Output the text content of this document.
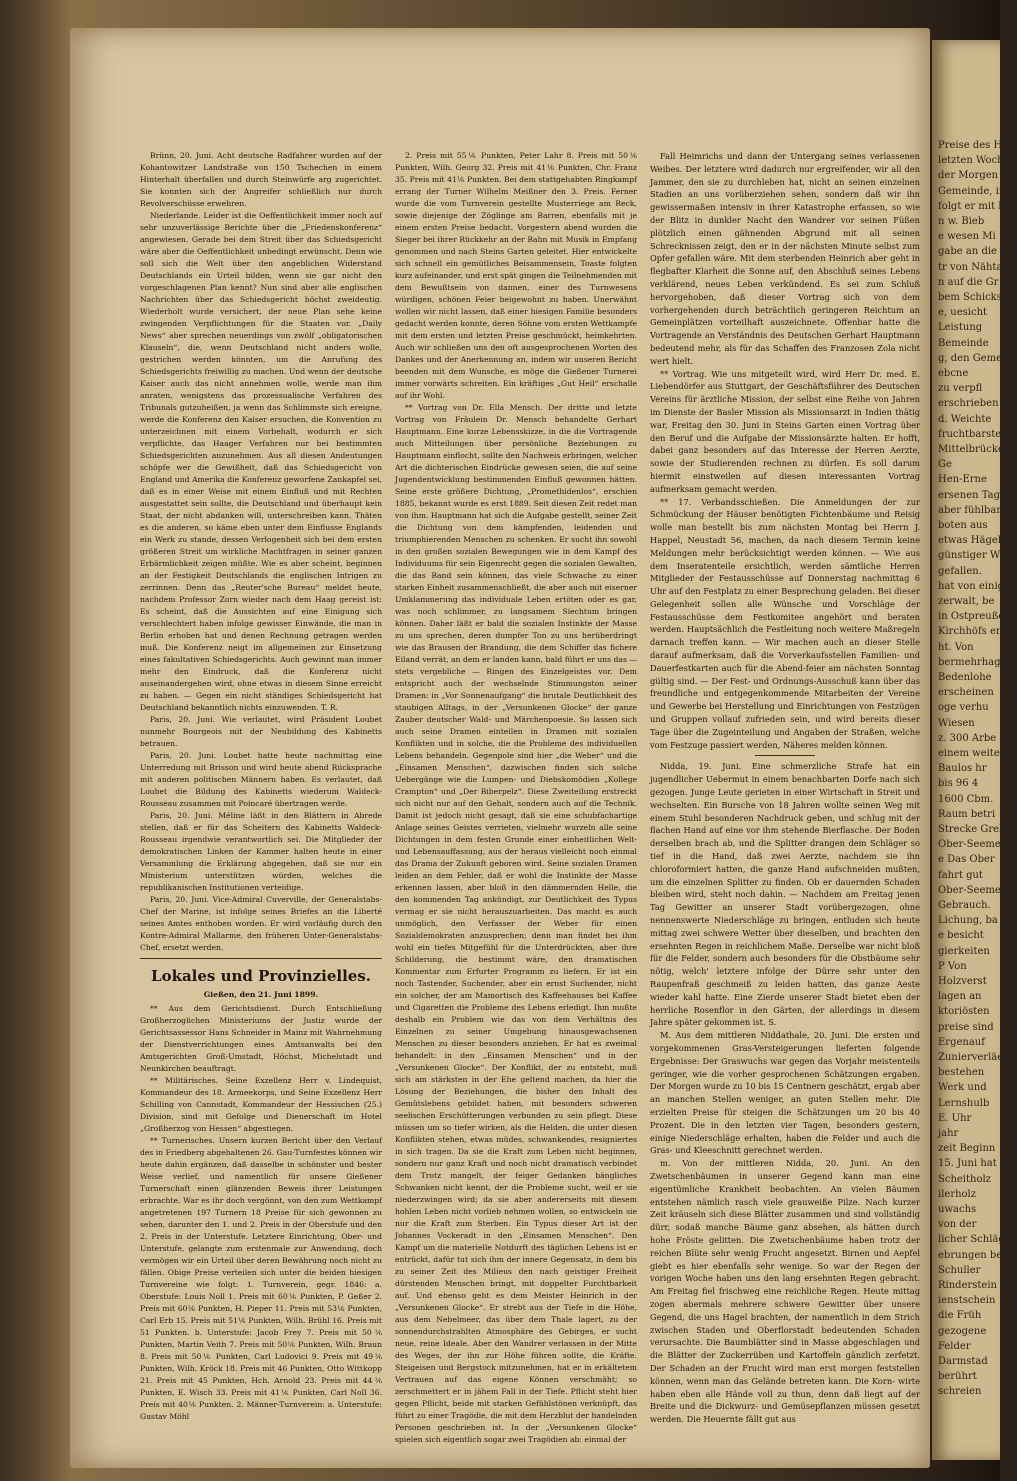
Preise des Heu
letzten Woche
der Morgen 4
Gemeinde, in
folgt er mit h
n w. Bieb
e wesen Mi
gabe an die
tr von Nähtat
n auf die Gr
bem Schicksal
e, uesicht
Leistung
Bemeinde
g, den Gemeins
ebcne
zu verpfl
erschrieben
d. Weichte
fruchtbarste
Mittelbrücke
Ge
Hen-Erne
ersenen Tag
aber fühlbare
boten aus
etwas Hägeb
günstiger We
gefallen.
hat von einiger
zerwalt, be
in Ostpreuße
Kirchhöfs ent
ht. Von
bermehrhagli
Bedenlohe
erscheinen
oge verhu
Wiesen
z. 300 Arbe
einem weiter
Baulos hr
bis 96 4
1600 Cbm.
Raum betri
Strecke Grel
Ober-Seemen
e Das Ober
fahrt gut
Ober-Seemen
Gebrauch.
Lichung, ba
e besicht
gierkeiten
P Von
Holzverst
lagen an
ktoriösten
preise sind
Ergenauf
Zunierverläe
bestehen
Werk und
Lernshulb
E. Uhr
jahr
zeit Beginn
15. Juni hat
Scheitholz
ilerholz
uwachs
von der
licher Schlägen
ebrungen be
Schuller
Rinderstein
ienstschein
die Früh
gezogene
Felder
Darmstad
berührt
schreien

Brünn, 20. Juni. Acht deutsche Radfahrer wurden auf der Kohantowitzer Landstraße von 150 Tschechen in einem Hinterhalt überfallen und durch Steinwürfe arg zugerichtet. Sie konnten sich der Angreifer schließlich nur durch Revolverschüsse erwehren.

Niederlande. Leider ist die Oeffentlichkeit immer noch auf sehr unzuverlässige Berichte über die „Friedenskonferenz“ angewiesen. Gerade bei dem Streit über das Schiedsgericht wäre aber die Oeffentlichkeit unbedingt erwünscht. Denn wie soll sich die Welt über den angeblichen Widerstand Deutschlands ein Urteil bilden, wenn sie gar nicht den vorgeschlagenen Plan kennt? Nun sind aber alle englischen Nachrichten über das Schiedsgericht höchst zweideutig. Wiederholt wurde versichert, der neue Plan sehe keine zwingenden Verpflichtungen für die Staaten vor. „Daily News“ aber sprechen neuerdings von zwölf „obligatorischen Klauseln“, die, wenn Deutschland nicht anders wolle, gestrichen werden könnten, um die Anrufung des Schiedsgerichts freiwillig zu machen. Und wenn der deutsche Kaiser auch das nicht annehmen wolle, werde man ihm anraten, wenigstens das prozessualische Verfahren des Tribunals gutzuheißen, ja wenn das Schlimmste sich ereigne, werde die Konferenz den Kaiser ersuchen, die Konvention zu unterzeichnen mit einem Vorbehalt, wodurch er sich verpflichte, das Haager Verfahren nur bei bestimmten Schiedsgerichten anzunehmen. Aus all diesen Andeutungen schöpfe wer die Gewißheit, daß das Schiedsgericht von England und Amerika die Konferenz geworfene Zankapfel sei, daß es in einer Weise mit einem Einfluß und mit Rechten ausgestattet sein sollte, die Deutschland und überhaupt kein Staat, der nicht abdanken will, unterschreiben kann. Thäten es die anderen, so käme eben unter dem Einflusse Englands ein Werk zu stande, dessen Verlogenheit sich bei dem ersten größeren Streit um wirkliche Machtfragen in seiner ganzen Erbärmlichkeit zeigen müßte. Wie es aber scheint, beginnen an der Festigkeit Deutschlands die englischen Intrigen zu zerrinnen. Denn das „Reuter'sche Bureau“ meldet heute, nachdem Professor Zorn wieder nach dem Haag gereist ist: Es scheint, daß die Aussichten auf eine Einigung sich verschlechtert haben infolge gewisser Einwände, die man in Berlin erhoben hat und denen Rechnung getragen werden muß. Die Konferenz neigt im allgemeinen zur Einsetzung eines fakultativen Schiedsgerichts. Auch gewinnt man immer mehr den Eindruck, daß die Konferenz nicht auseinandergehen wird, ohne etwas in diesem Sinne erreicht zu haben. — Gegen ein nicht ständiges Schiedsgericht hat Deutschland bekanntlich nichts einzuwenden. T. R.

Paris, 20. Juni. Wie verlautet, wird Präsident Loubet nunmehr Bourgeois mit der Neubildung des Kabinetts betrauen.

Paris, 20. Juni. Loubet hatte heute nachmittag eine Unterredung mit Brisson und wird heute abend Rücksprache mit anderen politischen Männern haben. Es verlautet, daß Loubet die Bildung des Kabinetts wiederum Waldeck-Rousseau zusammen mit Poincaré übertragen werde.

Paris, 20. Juni. Méline läßt in den Blättern in Abrede stellen, daß er für das Scheitern des Kabinetts Waldeck-Rousseau irgendwie verantwortlich sei. Die Mitglieder der demokratischen Linken der Kammer halten heute in einer Versammlung die Erklärung abgegeben, daß sie nur ein Ministerium unterstützen würden, welches die republikanischen Institutionen verteidige.

Paris, 20. Juni. Vice-Admiral Cuverville, der Generalstabs-Chef der Marine, ist infolge seines Briefes an die Liberté seines Amtes enthoben worden. Er wird vorläufig durch den Kontre-Admiral Mallarme, den früheren Unter-Generalstabs-Chef, ersetzt werden.

Lokales und Provinzielles.

Gießen, den 21. Juni 1899.

** Aus dem Gerichtsdienst. Durch Entschließung Großherzoglichen Ministeriums der Justiz wurde der Gerichtsassessor Hans Schneider in Mainz mit Wahrnehmung der Dienstverrichtungen eines Amtsanwalts bei den Amtsgerichten Groß-Umstadt, Höchst, Michelstadt und Neunkirchen beauftragt.

** Militärisches. Seine Exzellenz Herr v. Lindequist, Kommandeur des 18. Armeekorps, und Seine Exzellenz Herr Schilling von Cannstadt, Kommandeur der Hessischen (25.) Division, sind mit Gefolge und Dienerschaft im Hotel „Großherzog von Hessen“ abgestiegen.

** Turnerisches. Unsern kurzen Bericht über den Verlauf des in Friedberg abgehaltenen 26. Gau-Turnfestes können wir heute dahin ergänzen, daß dasselbe in schönster und bester Weise verlief, und namentlich für unsere Gießener Turnerschaft einen glänzenden Beweis ihrer Leistungen erbrachte. War es ihr doch vergönnt, von den zum Wettkampf angetretenen 197 Turnern 18 Preise für sich gewonnen zu sehen, darunter den 1. und 2. Preis in der Oberstufe und den 2. Preis in der Unterstufe. Letztere Einrichtung, Ober- und Unterstufe, gelangte zum erstenmale zur Anwendung, doch vermögen wir ein Urteil über deren Bewährung noch nicht zu fällen. Obige Preise verteilen sich unter die beiden hiesigen Turnvereine wie folgt: 1. Turnverein, gegr. 1846: a. Oberstufe: Louis Noll 1. Preis mit 60⅙ Punkten, P. Geßer 2. Preis mit 60⅙ Punkten, H. Pieper 11. Preis mit 53⅙ Punkten, Carl Erb 15. Preis mit 51⅙ Punkten, Wilh. Brühl 16. Preis mit 51 Punkten. b. Unterstufe: Jacob Frey 7. Preis mit 50⅙ Punkten, Martin Veith 7. Preis mit 50⅙ Punkten, Wilh. Braun 8. Preis mit 50⅙ Punkten, Carl Ludovici 9. Preis mit 49⅙ Punkten, Wilh. Kröck 18. Preis mit 46 Punkten, Otto Wittkopp 21. Preis mit 45 Punkten, Hch. Arnold 23. Preis mit 44⅙ Punkten, E. Wisch 33. Preis mit 41⅙ Punkten, Carl Noll 36. Preis mit 40⅙ Punkten. 2. Männer-Turnverein: a. Unterstufe: Gustav Möhl

2. Preis mit 55⅙ Punkten, Peter Lahr 8. Preis mit 50⅙ Punkten, Wilh. Georg 32. Preis mit 41⅙ Punkten, Chr. Franz 35. Preis mit 41⅙ Punkten. Bei dem stattgehabten Ringkampf errang der Turner Wilhelm Meißner den 3. Preis. Ferner wurde die vom Turnverein gestellte Musterriege am Reck, sowie diejenige der Zöglinge am Barren, ebenfalls mit je einem ersten Preise bedacht. Vorgestern abend wurden die Sieger bei ihrer Rückkehr an der Bahn mit Musik in Empfang genommen und nach Steins Garten geleitet. Hier entwickelte sich schnell ein gemütliches Beisammensein, Toaste folgten kurz aufeinander, und erst spät gingen die Teilnehmenden mit dem Bewußtsein von dannen, einer des Turnwesens würdigen, schönen Feier beigewohnt zu haben. Unerwähnt wollen wir nicht lassen, daß einer hiesigen Familie besonders gedacht werden konnte, deren Söhne vom ersten Wettkampfe mit dem ersten und letzten Preise geschmückt, heimkehrten. Auch wir schließen uns den oft ausgesprochenen Worten des Dankes und der Anerkennung an, indem wir unseren Bericht beenden mit dem Wunsche, es möge die Gießener Turnerei immer vorwärts schreiten. Ein kräftiges „Gut Heil“ erschalle auf ihr Wohl.

** Vortrag von Dr. Ella Mensch. Der dritte und letzte Vortrag von Fräulein Dr. Mensch behandelte Gerhart Hauptmann. Eine kurze Lebensskizze, in die die Vortragende auch Mitteilungen über persönliche Beziehungen zu Hauptmann einflocht, sollte den Nachweis erbringen, welcher Art die dichterischen Eindrücke gewesen seien, die auf seine Jugendentwicklung bestimmenden Einfluß gewonnen hätten. Seine erste größere Dichtung, „Promethidenlos“, erschien 1885, bekannt wurde es erst 1889. Seit diesen Zeit redet man von ihm. Hauptmann hat sich die Aufgabe gestellt, seiner Zeit die Dichtung von dem kämpfenden, leidenden und triumphierenden Menschen zu schenken. Er sucht ihn sowohl in den großen sozialen Bewegungen wie in dem Kampf des Individuums für sein Eigenrecht gegen die sozialen Gewalten, die das Band sein können, das viele Schwache zu einer starken Einheit zusammenschließt, die aber auch mit eiserner Umklammerung das individuale Leben ertöten oder es gar, was noch schlimmer, zu langsamem Siechtum bringen können. Daher läßt er bald die sozialen Instinkte der Masse zu uns sprechen, deren dumpfer Ton zu uns herüberdringt wie das Brausen der Brandung, die dem Schiffer das fichere Eiland verrät, an dem er landen kann, bald führt er uns das — stets vergebliche — Ringen des Einzelgeistes vor. Dem entspricht auch der wechselnde Stimmungston seiner Dramen: in „Vor Sonnenaufgang“ die brutale Deutlichkeit des staubigen Alltags, in der „Versunkenen Glocke“ der ganze Zauber deutscher Wald- und Märchenpoesie. So lassen sich auch seine Dramen einteilen in Dramen mit sozialen Konflikten und in solche, die die Probleme des individuellen Lebens behandeln. Gegenpole sind hier „die Weber“ und die „Einsamen Menschen“, dazwischen finden sich solche Uebergänge wie die Lumpen- und Diebskomödien „Kollege Crampton“ und „Der Biberpelz“. Diese Zweiteilung erstreckt sich nicht nur auf den Gehalt, sondern auch auf die Technik. Damit ist jedoch nicht gesagt, daß sie eine schubfachartige Anlage seines Geistes verrieten, vielmehr wurzeln alle seine Dichtungen in dem festen Grunde einer einheitlichen Welt- und Lebensauffassung, aus der heraus vielleicht noch einmal das Drama der Zukunft geboren wird. Seine sozialen Dramen leiden an dem Fehler, daß er wohl die Instinkte der Masse erkennen lassen, aber bloß in den dämmernden Helle, die den kommenden Tag ankündigt, zur Deutlichkeit des Typus vermag er sie nicht herauszuarbeiten. Das macht es auch unmöglich, den Verfasser der Weber für einen Sozialdemokraten anzusprechen; denn man findet bei ihm wohl ein tiefes Mitgefühl für die Unterdrückten, aber ihre Schilderung, die bestimmt wäre, den dramatischen Kommentar zum Erfurter Programm zu liefern. Er ist ein noch Tastender, Suchender, aber ein ernst Suchender, nicht ein solcher, der am Mamortisch des Kaffeehauses bei Kaffee und Cigaretten die Probleme des Lebens erledigt. Ihm mußte deshalb ein Problem wie das von dem Verhältnis des Einzelnen zu seiner Umgebung hinausgewachsenen Menschen zu dieser besonders anziehen. Er hat es zweimal behandelt: in den „Einsamen Menschen“ und in der „Versunkenen Glocke“. Der Konflikt, der zu entsteht, muß sich am stärksten in der Ehe geltend machen, da hier die Lösung der Beziehungen, die bisher den Inhalt des Gemütslebens gebildet haben, mit besonders schweren seelischen Erschütterungen verbunden zu sein pflegt. Diese müssen um so tiefer wirken, als die Helden, die unter diesen Konflikten stehen, etwas müdes, schwankendes, resigniertes in sich tragen. Da sie die Kraft zum Leben nicht beginnen, sondern nur ganz Kraft und noch nicht dramatisch verbindet dem Trotz mangelt, der feiger Gedanken bängliches Schwanken nicht kennt, der die Probleme sucht, weil er sie niederzwingen wird; da sie aber andererseits mit diesem hohlen Leben nicht vorlieb nehmen wollen, so entwickeln sie nur die Kraft zum Sterben. Ein Typus dieser Art ist der Johannes Vockeradt in den „Einsamen Menschen“. Den Kampf um die materielle Notdurft des täglichen Lebens ist er entrückt, dafür tut sich ihm der innere Gegensatz, in dem bis zu seiner Zeit des Milieus den nach geistiger Freiheit dürstenden Menschen bringt, mit doppelter Furchtbarkeit auf. Und ebenso geht es dem Meister Heinrich in der „Versunkenen Glocke“. Er strebt aus der Tiefe in die Höhe, aus dem Nebelmeer, das über dem Thale lagert, zu der sonnendurchstrahlten Atmosphäre des Gebirges, er sucht neue, reine Ideale. Aber den Wandrer verlassen in der Mitte des Weges, der ihn zur Höhe führen sollte, die Kräfte. Steigeisen und Bergstock mitzunehmen, hat er in erkältetem Vertrauen auf das eigene Können verschmäht; so zerschmettert er in jähem Fall in der Tiefe. Pflicht steht hier gegen Pflicht, beide mit starken Gefühlstönen verknüpft, das führt zu einer Tragödie, die mit dem Herzblut der handelnden Personen geschrieben ist. In der „Versunkenen Glocke“ spielen sich eigentlich sogar zwei Tragödien ab: einmal der

Fall Heimrichs und dann der Untergang seines verlassenen Weibes. Der letztere wird dadurch nur ergreifender, wir all den Jammer, den sie zu durchleben hat, nicht an seinen einzelnen Stadien an uns vorüberziehen sehen, sondern daß wir ihn gewissermaßen intensiv in ihrer Katastrophe erfassen, so wie der Blitz in dunkler Nacht den Wandrer vor seinen Füßen plötzlich einen gähnenden Abgrund mit all seinen Schrecknissen zeigt, den er in der nächsten Minute selbst zum Opfer gefallen wäre. Mit dem sterbenden Heinrich aber geht in flegbafter Klarheit die Sonne auf, den Abschluß seines Lebens verklärend, neues Leben verkündend. Es sei zum Schluß hervorgehoben, daß dieser Vortrag sich von dem vorhergehenden durch beträchtlich geringeren Reichtum an Gemeinplätzen vorteilhaft auszeichnete. Offenbar hatte die Vortragende an Verständnis des Deutschen Gerhart Hauptmann bedeutend mehr, als für das Schaffen des Franzosen Zola nicht wert hielt.

** Vortrag. Wie uns mitgeteilt wird, wird Herr Dr. med. E. Liebendörfer aus Stuttgart, der Geschäftsführer des Deutschen Vereins für ärztliche Mission, der selbst eine Reihe von Jahren im Dienste der Basler Mission als Missionsarzt in Indien thätig war, Freitag den 30. Juni in Steins Garten einen Vortrag über den Beruf und die Aufgabe der Missionsärzte halten. Er hofft, dabei ganz besonders auf das Interesse der Herren Aerzte, sowie der Studierenden rechnen zu dürfen. Es soll darum hiermit einstweilen auf diesen interessanten Vortrag aufmerksam gemacht werden.

** 17. Verbandsschießen. Die Anmeldungen der zur Schmückung der Häuser benötigten Fichtenbäume und Reisig wolle man bestellt bis zum nächsten Montag bei Herrn J. Happel, Neustadt 56, machen, da nach diesem Termin keine Meldungen mehr berücksichtigt werden können. — Wie aus dem Inseratenteile ersichtlich, werden sämtliche Herren Mitglieder der Festausschüsse auf Donnerstag nachmittag 6 Uhr auf den Festplatz zu einer Besprechung geladen. Bei dieser Gelegenheit sollen alle Wünsche und Vorschläge der Festausschüsse dem Festkomitee angehört und beraten werden. Hauptsächlich die Festleitung noch weitere Maßregeln darnach treffen kann. — Wir machen auch an dieser Stelle darauf aufmerksam, daß die Vorverkaufsstellen Familien- und Dauerfestkarten auch für die Abend-feier am nächsten Sonntag gültig sind. — Der Fest- und Ordnungs-Ausschuß kann über das freundliche und entgegenkommende Mitarbeiten der Vereine und Gewerbe bei Herstellung und Einrichtungen von Festzügen und Gruppen vollauf zufrieden sein, und wird bereits dieser Tage über die Zugeinteilung und Angaben der Straßen, welche vom Festzuge passiert werden, Näheres melden können.

Nidda, 19. Juni. Eine schmerzliche Strafe hat ein jugendlicher Uebermut in einem benachbarten Dorfe nach sich gezogen. Junge Leute gerieten in einer Wirtschaft in Streit und wechselten. Ein Bursche von 18 Jahren wollte seinen Weg mit einem Stuhl besonderen Nachdruck geben, und schlug mit der flachen Hand auf eine vor ihm stehende Bierflasche. Der Boden derselben brach ab, und die Splitter drangen dem Schläger so tief in die Hand, daß zwei Aerzte, nachdem sie ihn chloroformiert hatten, die ganze Hand aufschneiden mußten, um die einzelnen Splitter zu finden. Ob er dauernden Schaden bleiben wird, steht noch dahin. — Nachdem am Freitag jenen Tag Gewitter an unserer Stadt vorübergezogen, ohne nennenswerte Niederschläge zu bringen, entluden sich heute mittag zwei schwere Wetter über dieselben, und brachten den ersehnten Regen in reichlichem Maße. Derselbe war nicht bloß für die Felder, sondern auch besonders für die Obstbäume sehr nötig, welch' letztere infolge der Dürre sehr unter den Raupenfraß geschmeiß zu leiden hatten, das ganze Aeste wieder kahl hatte. Eine Zierde unserer Stadt bietet eben der herrliche Rosenflor in den Gärten, der allerdings in diesem Jahre später gekommen ist. S.

M. Aus dem mittleren Niddathale, 20. Juni. Die ersten und vorgekommenen Gras-Versteigerungen lieferten folgende Ergebnisse: Der Graswuchs war gegen das Vorjahr meistenteils geringer, wie die vorher gesprochenen Schätzungen ergaben. Der Morgen wurde zu 10 bis 15 Centnern geschätzt, ergab aber an manchen Stellen weniger, an guten Stellen mehr. Die erzielten Preise für steigen die Schätzungen um 20 bis 40 Prozent. Die in den letzten vier Tagen, besonders gestern, einige Niederschläge erhalten, haben die Felder und auch die Gras- und Kleeschnitt gerechnet werden.

m. Von der mittleren Nidda, 20. Juni. An den Zwetschenbäumen in unserer Gegend kann man eine eigentümliche Krankheit beobachten. An vielen Bäumen entstehen nämlich rasch viele grauweiße Pilze. Nach kurzer Zeit kräuseln sich diese Blätter zusammen und sind vollständig dürr, sodaß manche Bäume ganz absehen, als hätten durch hohe Fröste gelitten. Die Zwetschenbäume haben trotz der reichen Blüte sehr wenig Frucht angesetzt. Birnen und Aepfel giebt es hier ebenfalls sehr wenige. So war der Regen der vorigen Woche haben uns den lang ersehnten Regen gebracht. Am Freitag fiel frischweg eine reichliche Regen. Heute mittag zogen abermals mehrere schwere Gewitter über unsere Gegend, die uns Hagel brachten, der namentlich in dem Strich zwischen Staden und Oberflorstadt bedeutenden Schaden verursachte. Die Baumblätter sind in Masse abgeschlagen und die Blätter der Zuckerrüben und Kartoffeln gänzlich zerfetzt. Der Schaden an der Frucht wird man erst morgen feststellen können, wenn man das Gelände betreten kann. Die Korn- wirte haben eben alle Hände voll zu thun, denn daß liegt auf der Breite und die Dickwurz- und Gemüsepflanzen müssen gesetzt werden. Die Heuernte fällt gut aus
